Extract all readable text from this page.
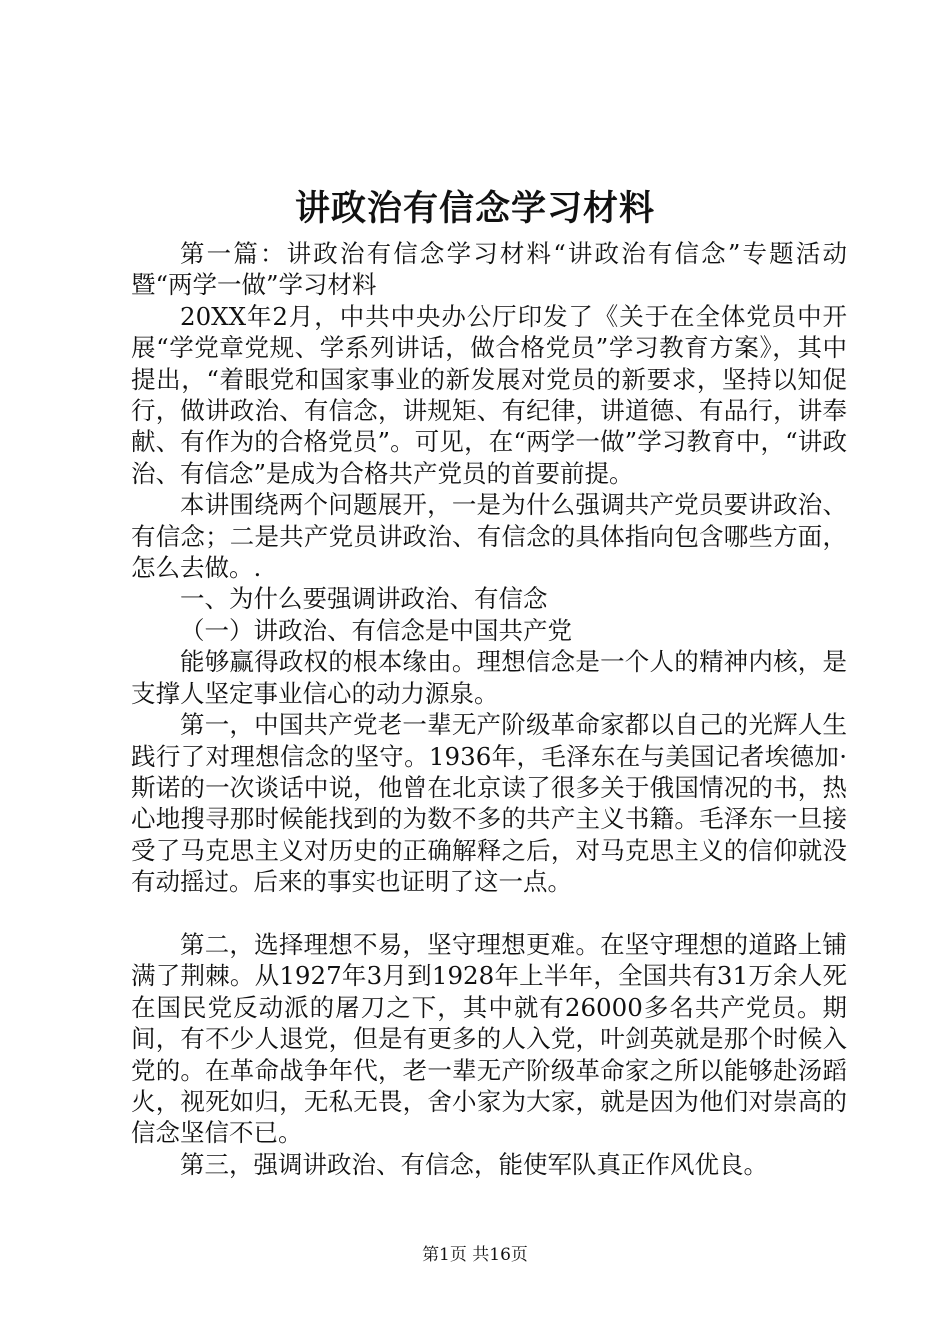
讲政治有信念学习材料

第一篇：讲政治有信念学习材料“讲政治有信念”专题活动暨“两学一做”学习材料

20XX年2月，中共中央办公厅印发了《关于在全体党员中开展“学党章党规、学系列讲话，做合格党员”学习教育方案》，其中提出，“着眼党和国家事业的新发展对党员的新要求，坚持以知促行，做讲政治、有信念，讲规矩、有纪律，讲道德、有品行，讲奉献、有作为的合格党员”。可见，在“两学一做”学习教育中，“讲政治、有信念”是成为合格共产党员的首要前提。

本讲围绕两个问题展开，一是为什么强调共产党员要讲政治、有信念；二是共产党员讲政治、有信念的具体指向包含哪些方面，怎么去做。.

一、为什么要强调讲政治、有信念

（一）讲政治、有信念是中国共产党

能够赢得政权的根本缘由。理想信念是一个人的精神内核，是支撑人坚定事业信心的动力源泉。

第一，中国共产党老一辈无产阶级革命家都以自己的光辉人生践行了对理想信念的坚守。1936年，毛泽东在与美国记者埃德加·斯诺的一次谈话中说，他曾在北京读了很多关于俄国情况的书，热心地搜寻那时候能找到的为数不多的共产主义书籍。毛泽东一旦接受了马克思主义对历史的正确解释之后，对马克思主义的信仰就没有动摇过。后来的事实也证明了这一点。

第二，选择理想不易，坚守理想更难。在坚守理想的道路上铺满了荆棘。从1927年3月到1928年上半年，全国共有31万余人死在国民党反动派的屠刀之下，其中就有26000多名共产党员。期间，有不少人退党，但是有更多的人入党，叶剑英就是那个时候入党的。在革命战争年代，老一辈无产阶级革命家之所以能够赴汤蹈火，视死如归，无私无畏，舍小家为大家，就是因为他们对崇高的信念坚信不已。

第三，强调讲政治、有信念，能使军队真正作风优良。

第1页 共16页
